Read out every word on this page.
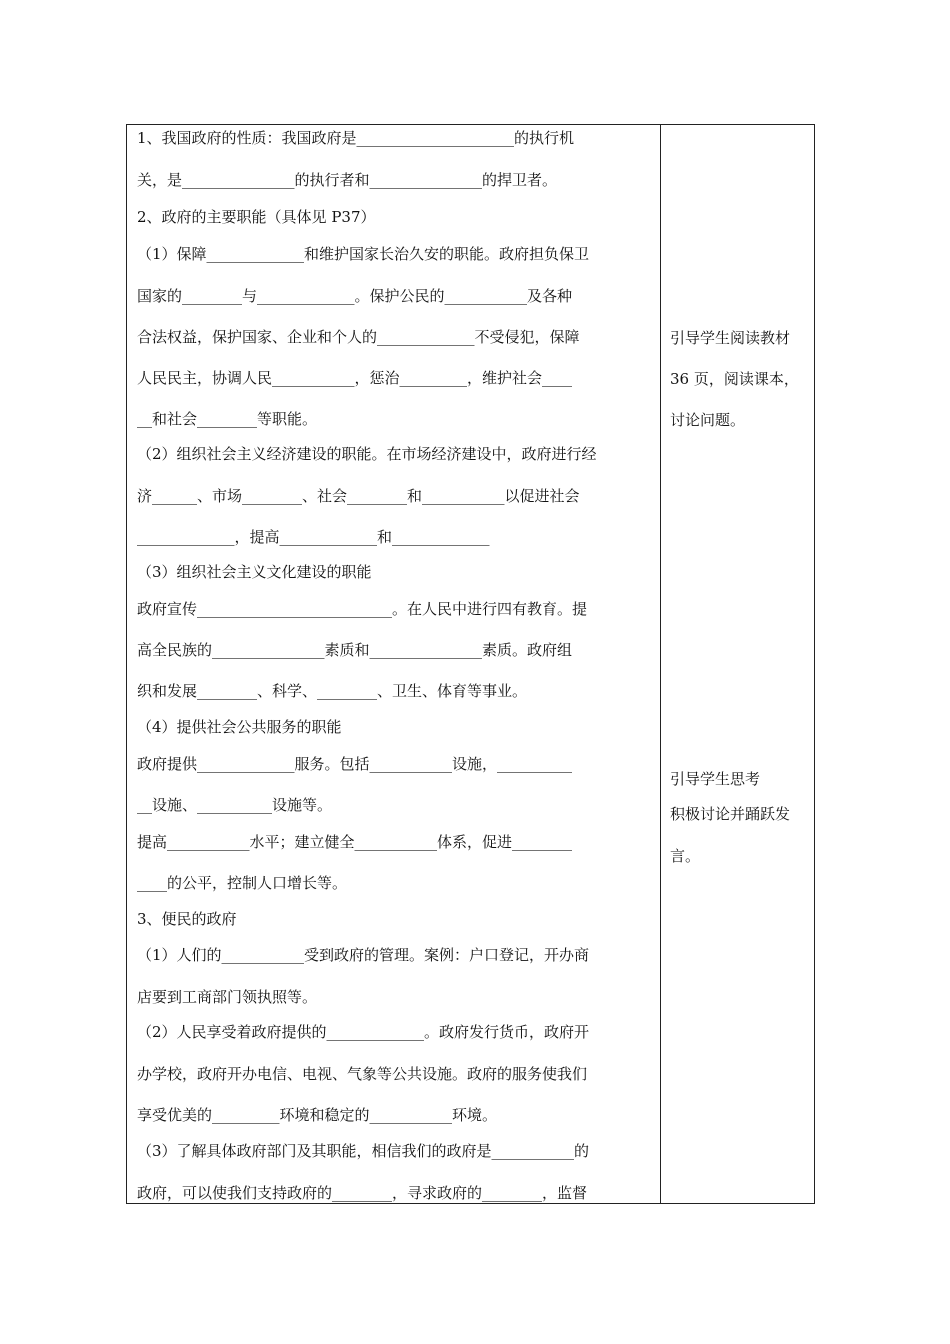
1、我国政府的性质：我国政府是_____________________的执行机
关，是_______________的执行者和_______________的捍卫者。
2、政府的主要职能（具体见 P37）
（1）保障_____________和维护国家长治久安的职能。政府担负保卫
国家的________与_____________。保护公民的___________及各种
合法权益，保护国家、企业和个人的_____________不受侵犯，保障
人民民主，协调人民___________，惩治_________，维护社会____
__和社会________等职能。
（2）组织社会主义经济建设的职能。在市场经济建设中，政府进行经
济______、市场________、社会________和___________以促进社会
_____________，提高_____________和_____________
（3）组织社会主义文化建设的职能
政府宣传__________________________。在人民中进行四有教育。提
高全民族的_______________素质和_______________素质。政府组
织和发展________、科学、________、卫生、体育等事业。
（4）提供社会公共服务的职能
政府提供_____________服务。包括___________设施，__________
__设施、__________设施等。
提高___________水平；建立健全___________体系，促进________
____的公平，控制人口增长等。
3、便民的政府
（1）人们的___________受到政府的管理。案例：户口登记，开办商
店要到工商部门领执照等。
（2）人民享受着政府提供的_____________。政府发行货币，政府开
办学校，政府开办电信、电视、气象等公共设施。政府的服务使我们
享受优美的_________环境和稳定的___________环境。
（3）了解具体政府部门及其职能，相信我们的政府是___________的
政府，可以使我们支持政府的________，寻求政府的________，监督
引导学生阅读教材
36 页，阅读课本，
讨论问题。
引导学生思考
积极讨论并踊跃发
言。
